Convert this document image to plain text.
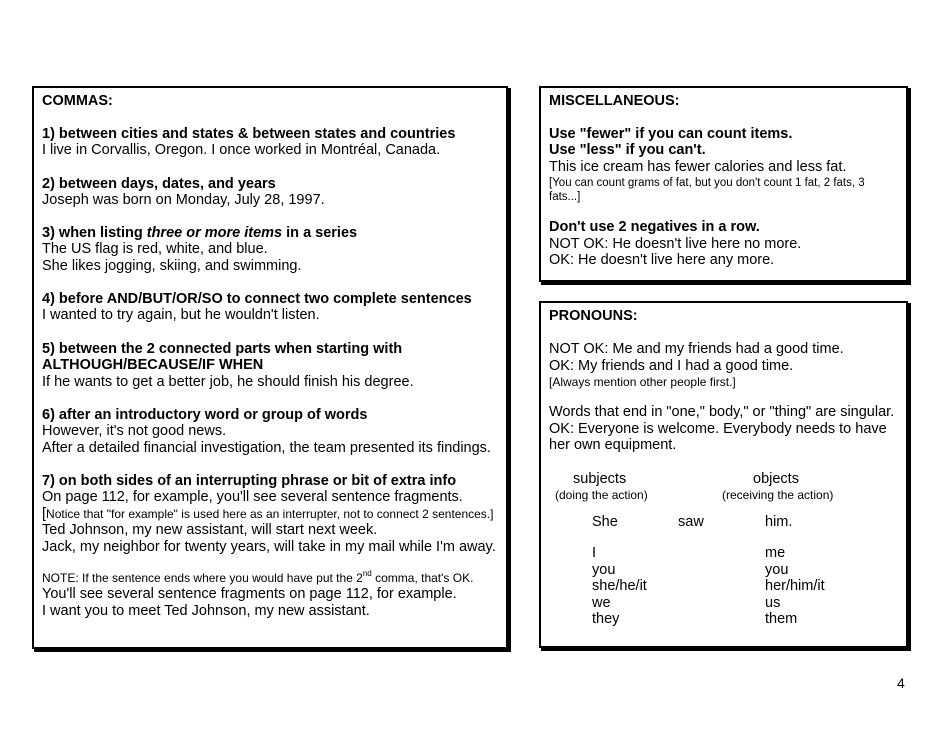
COMMAS:
1) between cities and states & between states and countries
I live in Corvallis, Oregon. I once worked in Montréal, Canada.
2) between days, dates, and years
Joseph was born on Monday, July 28, 1997.
3) when listing three or more items in a series
The US flag is red, white, and blue.
She likes jogging, skiing, and swimming.
4) before AND/BUT/OR/SO to connect two complete sentences
I wanted to try again, but he wouldn't listen.
5) between the 2 connected parts when starting with
ALTHOUGH/BECAUSE/IF WHEN
If he wants to get a better job, he should finish his degree.
6) after an introductory word or group of words
However, it's not good news.
After a detailed financial investigation, the team presented its findings.
7) on both sides of an interrupting phrase or bit of extra info
On page 112, for example, you'll see several sentence fragments.
[Notice that "for example" is used here as an interrupter, not to connect 2 sentences.]
Ted Johnson, my new assistant, will start next week.
Jack, my neighbor for twenty years, will take in my mail while I'm away.
NOTE: If the sentence ends where you would have put the 2nd comma, that's OK.
You'll see several sentence fragments on page 112, for example.
I want you to meet Ted Johnson, my new assistant.
MISCELLANEOUS:
Use "fewer" if you can count items.
Use "less" if you can't.
This ice cream has fewer calories and less fat.
[You can count grams of fat, but you don't count 1 fat, 2 fats, 3
fats...]
Don't use 2 negatives in a row.
NOT OK: He doesn't live here no more.
OK: He doesn't live here any more.
PRONOUNS:
NOT OK: Me and my friends had a good time.
OK: My friends and I had a good time.
[Always mention other people first.]
Words that end in "one," body," or "thing" are singular.
OK: Everyone is welcome. Everybody needs to have
her own equipment.
subjects
(doing the action)
objects
(receiving the action)
She	saw	him.
I
you
she/he/it
we
they
me
you
her/him/it
us
them
4
